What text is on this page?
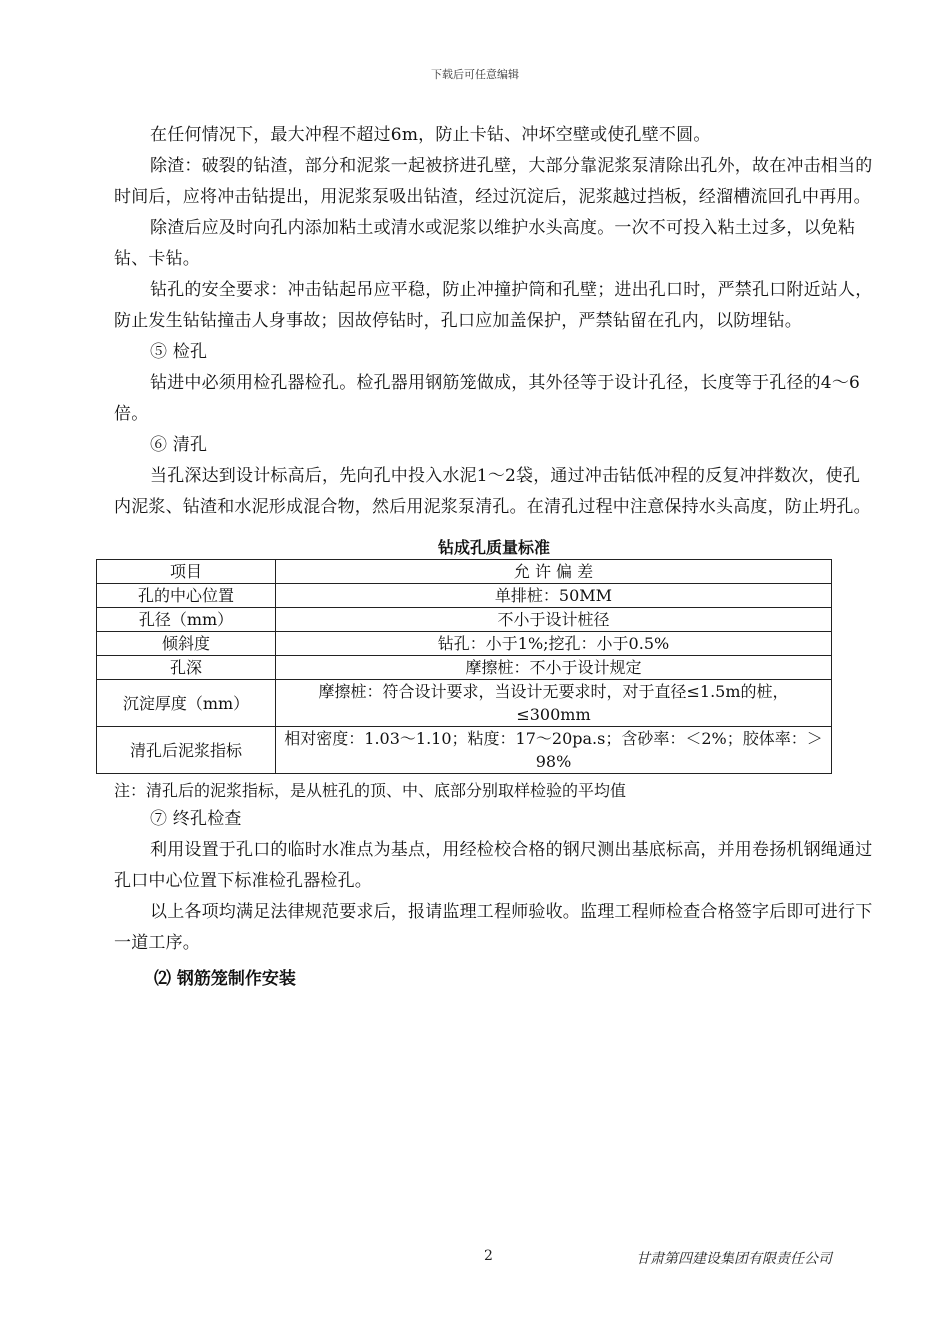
下载后可任意编辑

在任何情况下，最大冲程不超过6m，防止卡钻、冲坏空壁或使孔壁不圆。

除渣：破裂的钻渣，部分和泥浆一起被挤进孔壁，大部分靠泥浆泵清除出孔外，故在冲击相当的时间后，应将冲击钻提出，用泥浆泵吸出钻渣，经过沉淀后，泥浆越过挡板，经溜槽流回孔中再用。

除渣后应及时向孔内添加粘土或清水或泥浆以维护水头高度。一次不可投入粘土过多，以免粘钻、卡钻。

钻孔的安全要求：冲击钻起吊应平稳，防止冲撞护筒和孔壁；进出孔口时，严禁孔口附近站人，防止发生钻钻撞击人身事故；因故停钻时，孔口应加盖保护，严禁钻留在孔内，以防埋钻。

⑤ 检孔

钻进中必须用检孔器检孔。检孔器用钢筋笼做成，其外径等于设计孔径，长度等于孔径的4～6倍。

⑥ 清孔

当孔深达到设计标高后，先向孔中投入水泥1～2袋，通过冲击钻低冲程的反复冲拌数次，使孔内泥浆、钻渣和水泥形成混合物，然后用泥浆泵清孔。在清孔过程中注意保持水头高度，防止坍孔。

钻成孔质量标准
项目	允 许 偏 差
孔的中心位置	单排桩：50MM
孔径（mm）	不小于设计桩径
倾斜度	钻孔：小于1%;挖孔：小于0.5%
孔深	摩擦桩：不小于设计规定
沉淀厚度（mm）	摩擦桩：符合设计要求，当设计无要求时，对于直径≤1.5m的桩，≤300mm
清孔后泥浆指标	相对密度：1.03～1.10；粘度：17～20pa.s；含砂率：＜2%；胶体率：＞98%

注：清孔后的泥浆指标，是从桩孔的顶、中、底部分别取样检验的平均值

⑦ 终孔检查

利用设置于孔口的临时水准点为基点，用经检校合格的钢尺测出基底标高，并用卷扬机钢绳通过孔口中心位置下标准检孔器检孔。

以上各项均满足法律规范要求后，报请监理工程师验收。监理工程师检查合格签字后即可进行下一道工序。

⑵ 钢筋笼制作安装
2	甘肃第四建设集团有限责任公司
